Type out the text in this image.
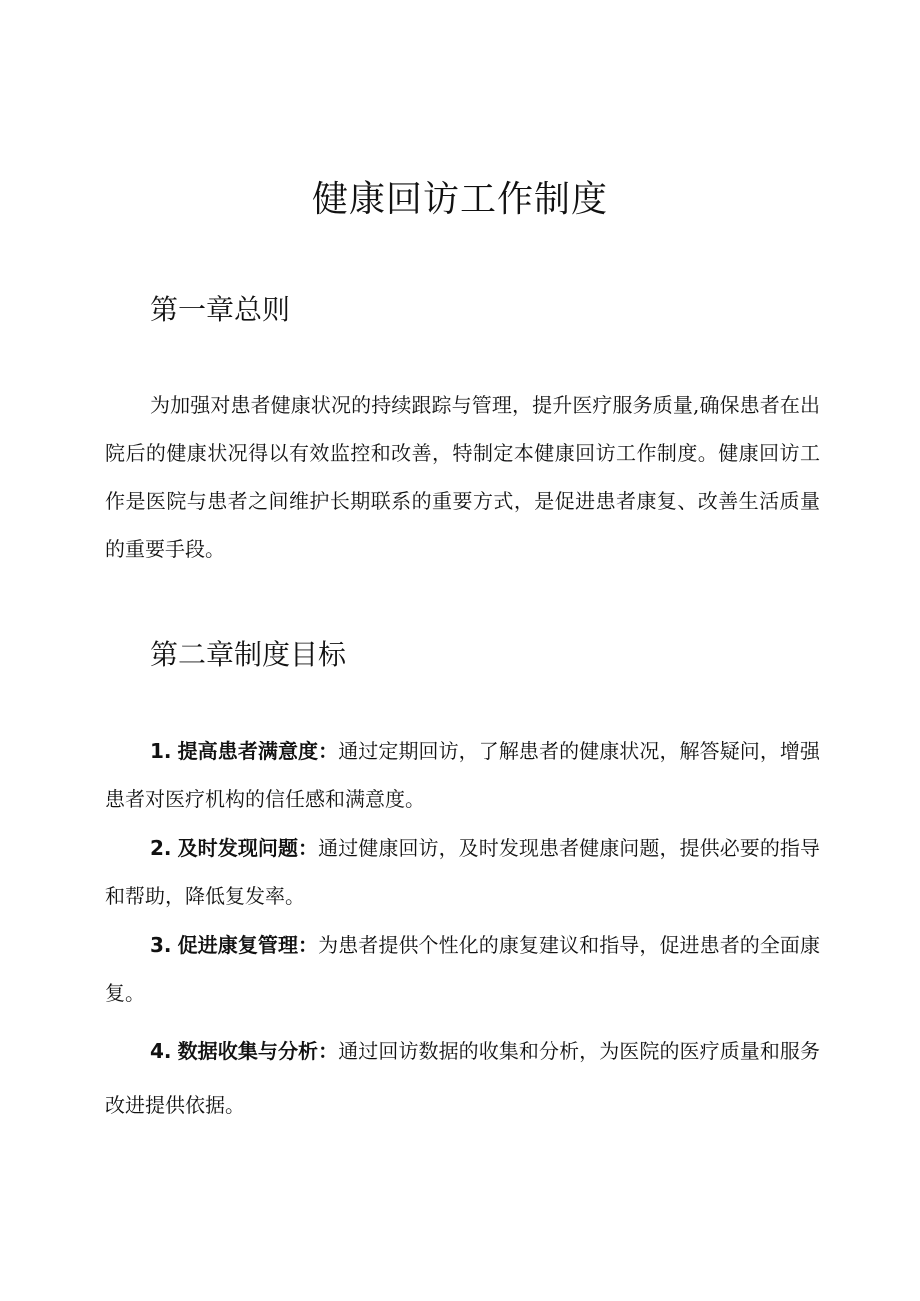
健康回访工作制度
第一章总则
为加强对患者健康状况的持续跟踪与管理，提升医疗服务质量,确保患者在出院后的健康状况得以有效监控和改善，特制定本健康回访工作制度。健康回访工作是医院与患者之间维护长期联系的重要方式，是促进患者康复、改善生活质量的重要手段。
第二章制度目标
1. 提高患者满意度：通过定期回访，了解患者的健康状况，解答疑问，增强患者对医疗机构的信任感和满意度。
2. 及时发现问题：通过健康回访，及时发现患者健康问题，提供必要的指导和帮助，降低复发率。
3. 促进康复管理：为患者提供个性化的康复建议和指导，促进患者的全面康复。
4. 数据收集与分析：通过回访数据的收集和分析，为医院的医疗质量和服务改进提供依据。
